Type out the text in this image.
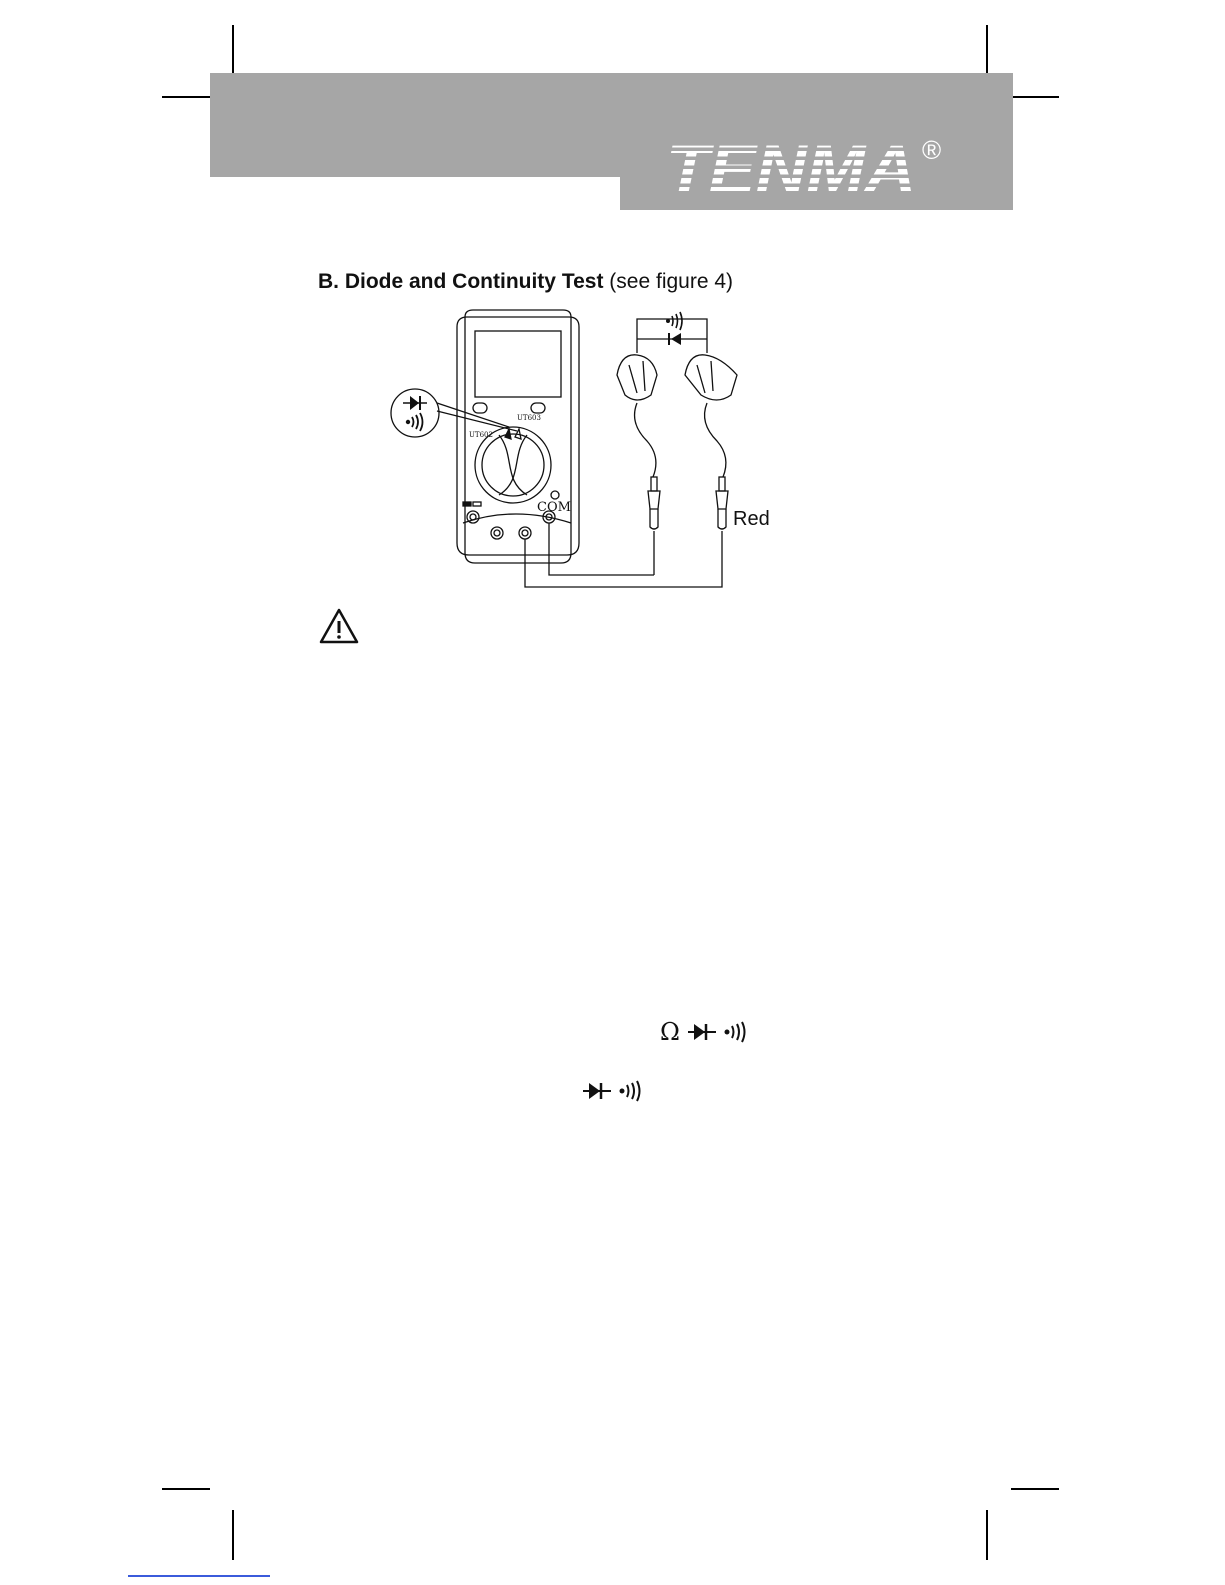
TENMA ®
B. Diode and Continuity Test (see figure 4)
UT603
UT602
COM
Red
Ω
